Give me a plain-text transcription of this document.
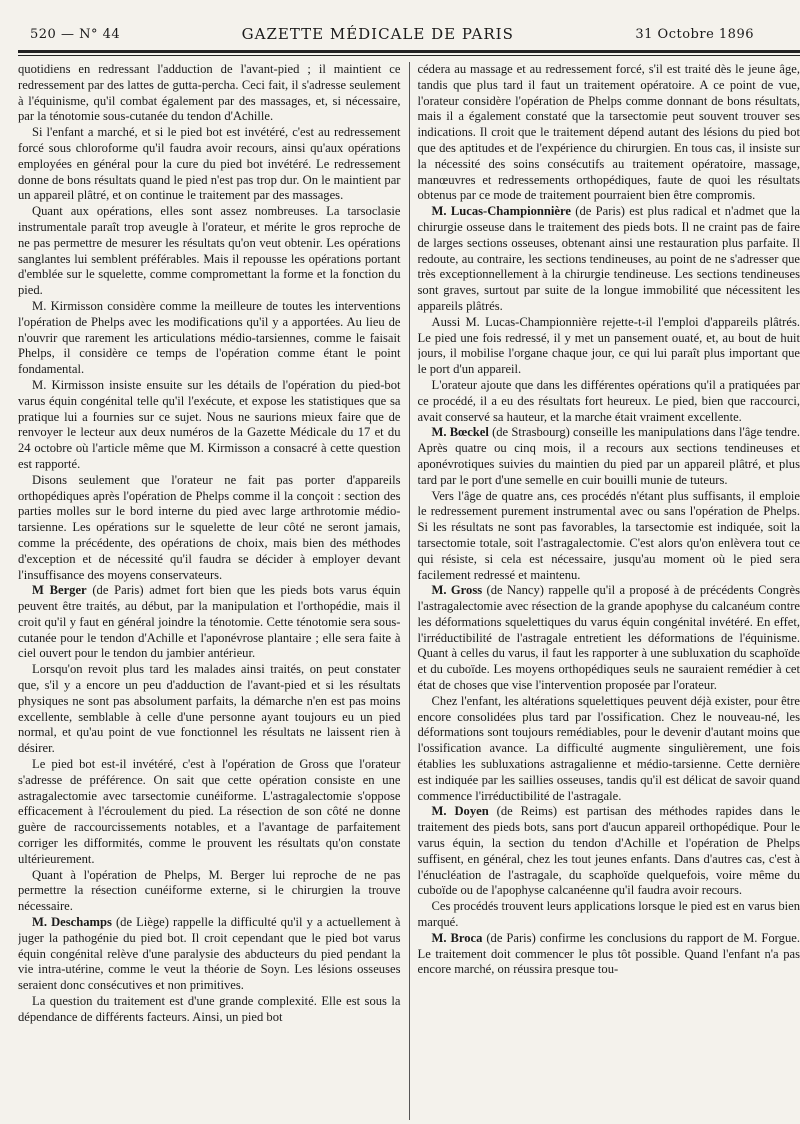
520 — N° 44	GAZETTE MÉDICALE DE PARIS	31 Octobre 1896

quotidiens en redressant l'adduction de l'avant-pied ; il maintient ce redressement par des lattes de gutta-percha. Ceci fait, il s'adresse seulement à l'équinisme, qu'il combat également par des massages, et, si nécessaire, par la ténotomie sous-cutanée du tendon d'Achille.

Si l'enfant a marché, et si le pied bot est invétéré, c'est au redressement forcé sous chloroforme qu'il faudra avoir recours, ainsi qu'aux opérations employées en général pour la cure du pied bot invétéré. Le redressement donne de bons résultats quand le pied n'est pas trop dur. On le maintient par un appareil plâtré, et on continue le traitement par des massages.

Quant aux opérations, elles sont assez nombreuses. La tarsoclasie instrumentale paraît trop aveugle à l'orateur, et mérite le gros reproche de ne pas permettre de mesurer les résultats qu'on veut obtenir. Les opérations sanglantes lui semblent préférables. Mais il repousse les opérations portant d'emblée sur le squelette, comme compromettant la forme et la fonction du pied.

M. Kirmisson considère comme la meilleure de toutes les interventions l'opération de Phelps avec les modifications qu'il y a apportées. Au lieu de n'ouvrir que rarement les articulations médio-tarsiennes, comme le faisait Phelps, il considère ce temps de l'opération comme étant le point fondamental.

M. Kirmisson insiste ensuite sur les détails de l'opération du pied-bot varus équin congénital telle qu'il l'exécute, et expose les statistiques que sa pratique lui a fournies sur ce sujet. Nous ne saurions mieux faire que de renvoyer le lecteur aux deux numéros de la Gazette Médicale du 17 et du 24 octobre où l'article même que M. Kirmisson a consacré à cette question est rapporté.

Disons seulement que l'orateur ne fait pas porter d'appareils orthopédiques après l'opération de Phelps comme il la conçoit : section des parties molles sur le bord interne du pied avec large arthrotomie médio-tarsienne. Les opérations sur le squelette de leur côté ne seront jamais, comme la précédente, des opérations de choix, mais bien des méthodes d'exception et de nécessité qu'il faudra se décider à employer devant l'insuffisance des moyens conservateurs.

M Berger (de Paris) admet fort bien que les pieds bots varus équin peuvent être traités, au début, par la manipulation et l'orthopédie, mais il croit qu'il y faut en général joindre la ténotomie. Cette ténotomie sera sous-cutanée pour le tendon d'Achille et l'aponévrose plantaire ; elle sera faite à ciel ouvert pour le tendon du jambier antérieur.

Lorsqu'on revoit plus tard les malades ainsi traités, on peut constater que, s'il y a encore un peu d'adduction de l'avant-pied et si les résultats physiques ne sont pas absolument parfaits, la démarche n'en est pas moins excellente, semblable à celle d'une personne ayant toujours eu un pied normal, et qu'au point de vue fonctionnel les résultats ne laissent rien à désirer.

Le pied bot est-il invétéré, c'est à l'opération de Gross que l'orateur s'adresse de préférence. On sait que cette opération consiste en une astragalectomie avec tarsectomie cunéiforme. L'astragalectomie s'oppose efficacement à l'écroulement du pied. La résection de son côté ne donne guère de raccourcissements notables, et a l'avantage de parfaitement corriger les difformités, comme le prouvent les résultats qu'on constate ultérieurement.

Quant à l'opération de Phelps, M. Berger lui reproche de ne pas permettre la résection cunéiforme externe, si le chirurgien la trouve nécessaire.

M. Deschamps (de Liège) rappelle la difficulté qu'il y a actuellement à juger la pathogénie du pied bot. Il croit cependant que le pied bot varus équin congénital relève d'une paralysie des abducteurs du pied pendant la vie intra-utérine, comme le veut la théorie de Soyn. Les lésions osseuses seraient donc consécutives et non primitives.

La question du traitement est d'une grande complexité. Elle est sous la dépendance de différents facteurs. Ainsi, un pied bot

cédera au massage et au redressement forcé, s'il est traité dès le jeune âge, tandis que plus tard il faut un traitement opératoire. A ce point de vue, l'orateur considère l'opération de Phelps comme donnant de bons résultats, mais il a également constaté que la tarsectomie peut souvent trouver ses indications. Il croit que le traitement dépend autant des lésions du pied bot que des aptitudes et de l'expérience du chirurgien. En tous cas, il insiste sur la nécessité des soins consécutifs au traitement opératoire, massage, manœuvres et redressements orthopédiques, faute de quoi les résultats obtenus par ce mode de traitement pourraient bien être compromis.

M. Lucas-Championnière (de Paris) est plus radical et n'admet que la chirurgie osseuse dans le traitement des pieds bots. Il ne craint pas de faire de larges sections osseuses, obtenant ainsi une restauration plus parfaite. Il redoute, au contraire, les sections tendineuses, au point de ne s'adresser que très exceptionnellement à la chirurgie tendineuse. Les sections tendineuses sont graves, surtout par suite de la longue immobilité que nécessitent les appareils plâtrés.

Aussi M. Lucas-Championnière rejette-t-il l'emploi d'appareils plâtrés. Le pied une fois redressé, il y met un pansement ouaté, et, au bout de huit jours, il mobilise l'organe chaque jour, ce qui lui paraît plus important que le port d'un appareil.

L'orateur ajoute que dans les différentes opérations qu'il a pratiquées par ce procédé, il a eu des résultats fort heureux. Le pied, bien que raccourci, avait conservé sa hauteur, et la marche était vraiment excellente.

M. Bœckel (de Strasbourg) conseille les manipulations dans l'âge tendre. Après quatre ou cinq mois, il a recours aux sections tendineuses et aponévrotiques suivies du maintien du pied par un appareil plâtré, et plus tard par le port d'une semelle en cuir bouilli munie de tuteurs.

Vers l'âge de quatre ans, ces procédés n'étant plus suffisants, il emploie le redressement purement instrumental avec ou sans l'opération de Phelps. Si les résultats ne sont pas favorables, la tarsectomie est indiquée, soit la tarsectomie totale, soit l'astragalectomie. C'est alors qu'on enlèvera tout ce qui résiste, si cela est nécessaire, jusqu'au moment où le pied sera facilement redressé et maintenu.

M. Gross (de Nancy) rappelle qu'il a proposé à de précédents Congrès l'astragalectomie avec résection de la grande apophyse du calcanéum contre les déformations squelettiques du varus équin congénital invétéré. En effet, l'irréductibilité de l'astragale entretient les déformations de l'équinisme. Quant à celles du varus, il faut les rapporter à une subluxation du scaphoïde et du cuboïde. Les moyens orthopédiques seuls ne sauraient remédier à cet état de choses que vise l'intervention proposée par l'orateur.

Chez l'enfant, les altérations squelettiques peuvent déjà exister, pour être encore consolidées plus tard par l'ossification. Chez le nouveau-né, les déformations sont toujours remédiables, pour le devenir d'autant moins que l'ossification avance. La difficulté augmente singulièrement, une fois établies les subluxations astragalienne et médio-tarsienne. Cette dernière est indiquée par les saillies osseuses, tandis qu'il est délicat de savoir quand commence l'irréductibilité de l'astragale.

M. Doyen (de Reims) est partisan des méthodes rapides dans le traitement des pieds bots, sans port d'aucun appareil orthopédique. Pour le varus équin, la section du tendon d'Achille et l'opération de Phelps suffisent, en général, chez les tout jeunes enfants. Dans d'autres cas, c'est à l'énucléation de l'astragale, du scaphoïde quelquefois, voire même du cuboïde ou de l'apophyse calcanéenne qu'il faudra avoir recours.

Ces procédés trouvent leurs applications lorsque le pied est en varus bien marqué.

M. Broca (de Paris) confirme les conclusions du rapport de M. Forgue. Le traitement doit commencer le plus tôt possible. Quand l'enfant n'a pas encore marché, on réussira presque tou-
